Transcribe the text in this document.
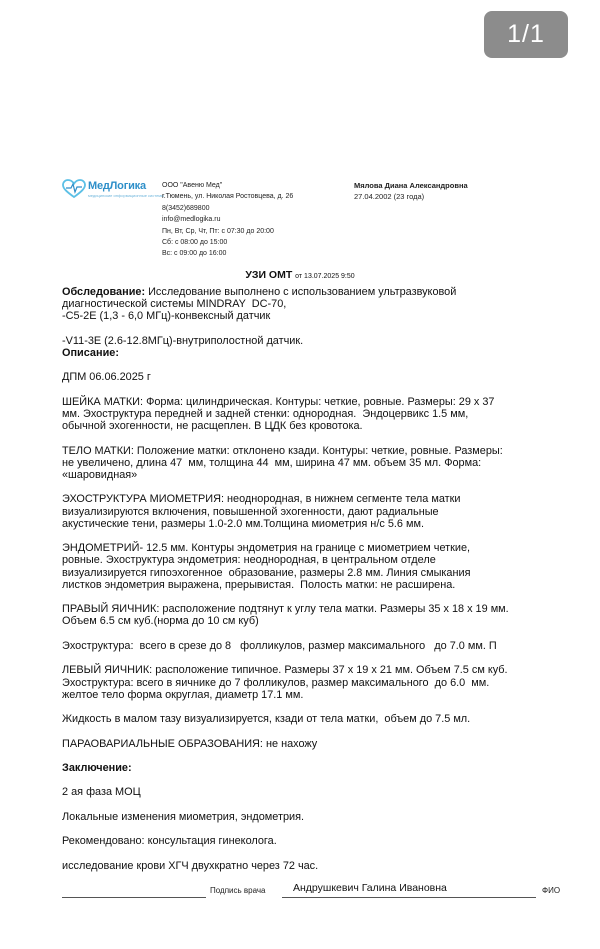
1/1
МедЛогика
медицинские информационные системы
ООО "Авеню Мед"
г.Тюмень, ул. Николая Ростовцева, д. 26
8(3452)689800
info@medlogika.ru
Пн, Вт, Ср, Чт, Пт: с 07:30 до 20:00
Сб: с 08:00 до 15:00
Вс: с 09:00 до 16:00
Мялова Диана Александровна
27.04.2002 (23 года)
УЗИ ОМТ от 13.07.2025 9:50
Обследование: Исследование выполнено с использованием ультразвуковой
диагностической системы MINDRAY  DC-70,
-C5-2E (1,3 - 6,0 МГц)-конвексный датчик

-V11-3E (2.6-12.8МГц)-внутриполостной датчик.
Описание:

ДПМ 06.06.2025 г

ШЕЙКА МАТКИ: Форма: цилиндрическая. Контуры: четкие, ровные. Размеры: 29 х 37
мм. Эхоструктура передней и задней стенки: однородная.  Эндоцервикс 1.5 мм,
обычной эхогенности, не расщеплен. В ЦДК без кровотока.

ТЕЛО МАТКИ: Положение матки: отклонено кзади. Контуры: четкие, ровные. Размеры:
не увеличено, длина 47  мм, толщина 44  мм, ширина 47 мм. объем 35 мл. Форма:
«шаровидная»

ЭХОСТРУКТУРА МИОМЕТРИЯ: неоднородная, в нижнем сегменте тела матки
визуализируются включения, повышенной эхогенности, дают радиальные
акустические тени, размеры 1.0-2.0 мм.Толщина миометрия н/с 5.6 мм.

ЭНДОМЕТРИЙ- 12.5 мм. Контуры эндометрия на границе с миометрием четкие,
ровные. Эхоструктура эндометрия: неоднородная, в центральном отделе
визуализируется гипоэхогенное  образование, размеры 2.8 мм. Линия смыкания
листков эндометрия выражена, прерывистая.  Полость матки: не расширена.

ПРАВЫЙ ЯИЧНИК: расположение подтянут к углу тела матки. Размеры 35 х 18 х 19 мм.
Объем 6.5 см куб.(норма до 10 см куб)

Эхоструктура:  всего в срезе до 8   фолликулов, размер максимального   до 7.0 мм. П

ЛЕВЫЙ ЯИЧНИК: расположение типичное. Размеры 37 х 19 х 21 мм. Объем 7.5 см куб.
Эхоструктура: всего в яичнике до 7 фолликулов, размер максимального  до 6.0  мм.
желтое тело форма округлая, диаметр 17.1 мм.

Жидкость в малом тазу визуализируется, кзади от тела матки,  объем до 7.5 мл.

ПАРАОВАРИАЛЬНЫЕ ОБРАЗОВАНИЯ: не нахожу

Заключение:

2 ая фаза МОЦ

Локальные изменения миометрия, эндометрия.

Рекомендовано: консультация гинеколога.

исследование крови ХГЧ двухкратно через 72 час.
Подпись врача	Андрушкевич Галина Ивановна	ФИО
